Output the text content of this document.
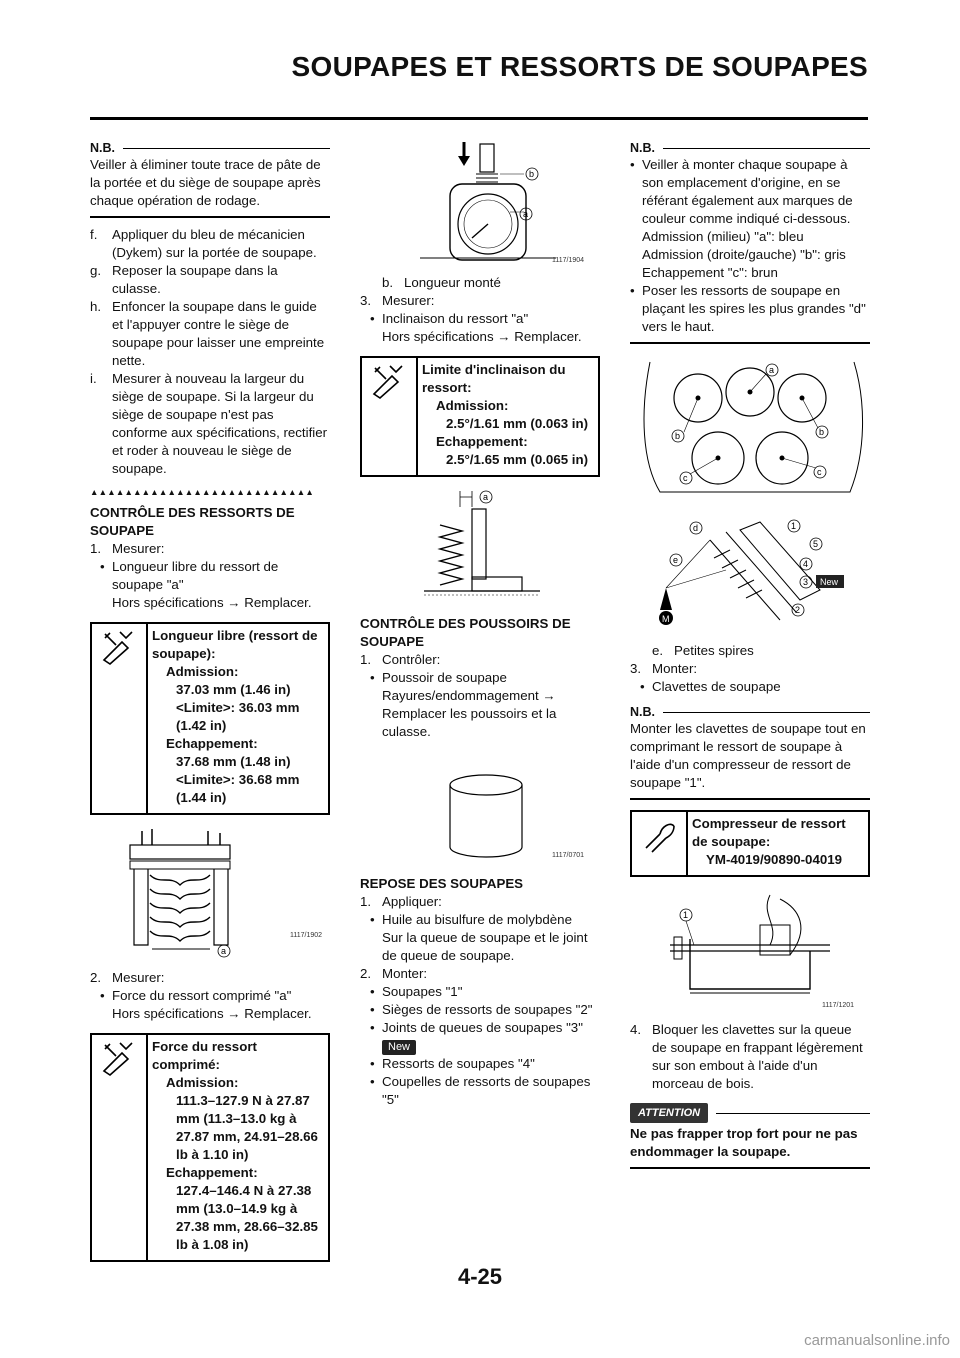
SOUPAPES ET RESSORTS DE SOUPAPES
N.B.
Veiller à éliminer toute trace de pâte de la portée et du siège de soupape après chaque opération de rodage.
f.	Appliquer du bleu de mécanicien (Dykem) sur la portée de soupape.
g. Reposer la soupape dans la culasse.
h. Enfoncer la soupape dans le guide et l'appuyer contre le siège de soupape pour laisser une empreinte nette.
i.	Mesurer à nouveau la largeur du siège de soupape. Si la largeur du siège de soupape n'est pas conforme aux spécifications, rectifier et roder à nouveau le siège de soupape.
▲▲▲▲▲▲▲▲▲▲▲▲▲▲▲▲▲▲▲▲▲▲▲▲▲▲
CONTRÔLE DES RESSORTS DE SOUPAPE
1. Mesurer:
• Longueur libre du ressort de soupape "a"
Hors spécifications → Remplacer.
Longueur libre (ressort de soupape):
Admission:
37.03 mm (1.46 in)
<Limite>: 36.03 mm (1.42 in)
Echappement:
37.68 mm (1.48 in)
<Limite>: 36.68 mm (1.44 in)
a
1117/1902
2. Mesurer:
• Force du ressort comprimé "a"
Hors spécifications → Remplacer.
Force du ressort comprimé:
Admission:
111.3–127.9 N à 27.87 mm (11.3–13.0 kg à 27.87 mm, 24.91–28.66 lb à 1.10 in)
Echappement:
127.4–146.4 N à 27.38 mm (13.0–14.9 kg à 27.38 mm, 28.66–32.85 lb à 1.08 in)
b
a
1117/1904
b. Longueur monté
3. Mesurer:
• Inclinaison du ressort "a"
Hors spécifications → Remplacer.
Limite d'inclinaison du ressort:
Admission:
2.5°/1.61 mm (0.063 in)
Echappement:
2.5°/1.65 mm (0.065 in)
a
CONTRÔLE DES POUSSOIRS DE SOUPAPE
1. Contrôler:
• Poussoir de soupape
Rayures/endommagement → Remplacer les poussoirs et la culasse.
1117/0701
REPOSE DES SOUPAPES
1. Appliquer:
• Huile au bisulfure de molybdène
Sur la queue de soupape et le joint de queue de soupape.
2. Monter:
• Soupapes "1"
• Sièges de ressorts de soupapes "2"
• Joints de queues de soupapes "3"
New
• Ressorts de soupapes "4"
• Coupelles de ressorts de soupapes "5"
N.B.
• Veiller à monter chaque soupape à son emplacement d'origine, en se référant également aux marques de couleur comme indiqué ci-dessous.
Admission (milieu) "a": bleu
Admission (droite/gauche) "b": gris
Echappement "c": brun
• Poser les ressorts de soupape en plaçant les spires les plus grandes "d" vers le haut.
a
b	b
c
c
M
d
e
1
5
4
3 New
2
e. Petites spires
3. Monter:
• Clavettes de soupape
N.B.
Monter les clavettes de soupape tout en comprimant le ressort de soupape à l'aide d'un compresseur de ressort de soupape "1".
Compresseur de ressort de soupape:
YM-4019/90890-04019
1
1117/1201
4. Bloquer les clavettes sur la queue de soupape en frappant légèrement sur son embout à l'aide d'un morceau de bois.
ATTENTION
Ne pas frapper trop fort pour ne pas endommager la soupape.
4-25
carmanualsonline.info
